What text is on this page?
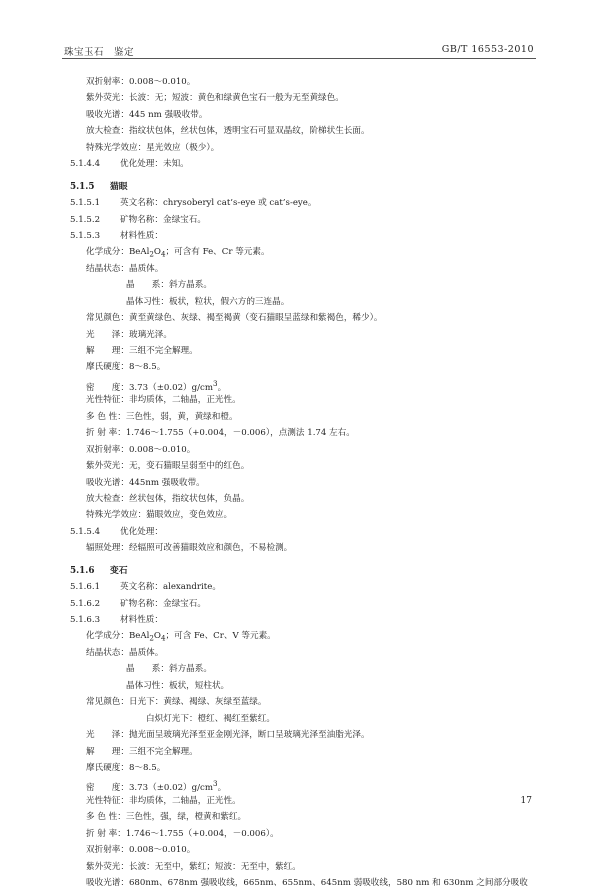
珠宝玉石　鉴定	GB/T 16553-2010
双折射率：0.008～0.010。
紫外荧光：长波：无；短波：黄色和绿黄色宝石一般为无至黄绿色。
吸收光谱：445 nm 强吸收带。
放大检查：指纹状包体，丝状包体，透明宝石可显双晶纹，阶梯状生长面。
特殊光学效应：星光效应（极少）。
5.1.4.4 优化处理：未知。
5.1.5 猫眼
5.1.5.1 英文名称：chrysoberyl cat’s-eye 或 cat’s-eye。
5.1.5.2 矿物名称：金绿宝石。
5.1.5.3 材料性质：
化学成分：$BeAl_2O_4$；可含有 Fe、Cr 等元素。
结晶状态：晶质体。
晶　　系：斜方晶系。
晶体习性：板状，粒状，假六方的三连晶。
常见颜色：黄至黄绿色、灰绿、褐至褐黄（变石猫眼呈蓝绿和紫褐色，稀少）。
光　　泽：玻璃光泽。
解　　理：三组不完全解理。
摩氏硬度：8～8.5。
密　　度：$3.73(\pm 0.02)g/cm^3$。
光性特征：非均质体，二轴晶，正光性。
多 色 性：三色性，弱，黄，黄绿和橙。
折 射 率：1.746～1.755（+0.004，－0.006），点测法 1.74 左右。
双折射率：0.008～0.010。
紫外荧光：无，变石猫眼呈弱至中的红色。
吸收光谱：445nm 强吸收带。
放大检查：丝状包体，指纹状包体，负晶。
特殊光学效应：猫眼效应，变色效应。
5.1.5.4 优化处理：
辐照处理：经辐照可改善猫眼效应和颜色，不易检测。
5.1.6 变石
5.1.6.1 英文名称：alexandrite。
5.1.6.2 矿物名称：金绿宝石。
5.1.6.3 材料性质：
化学成分：$BeAl_2O_4$；可含 Fe、Cr、V 等元素。
结晶状态：晶质体。
晶　　系：斜方晶系。
晶体习性：板状，短柱状。
常见颜色：日光下：黄绿、褐绿、灰绿至蓝绿。
白炽灯光下：橙红、褐红至紫红。
光　　泽：抛光面呈玻璃光泽至亚金刚光泽，断口呈玻璃光泽至油脂光泽。
解　　理：三组不完全解理。
摩氏硬度：8～8.5。
密　　度：$3.73(\pm 0.02)g/cm^3$。
光性特征：非均质体，二轴晶，正光性。
多 色 性：三色性，强，绿，橙黄和紫红。
折 射 率：1.746～1.755（+0.004，－0.006）。
双折射率：0.008～0.010。
紫外荧光：长波：无至中，紫红；短波：无至中，紫红。
吸收光谱：680nm、678nm 强吸收线，665nm、655nm、645nm 弱吸收线，580 nm 和 630nm 之间部分吸收
17
